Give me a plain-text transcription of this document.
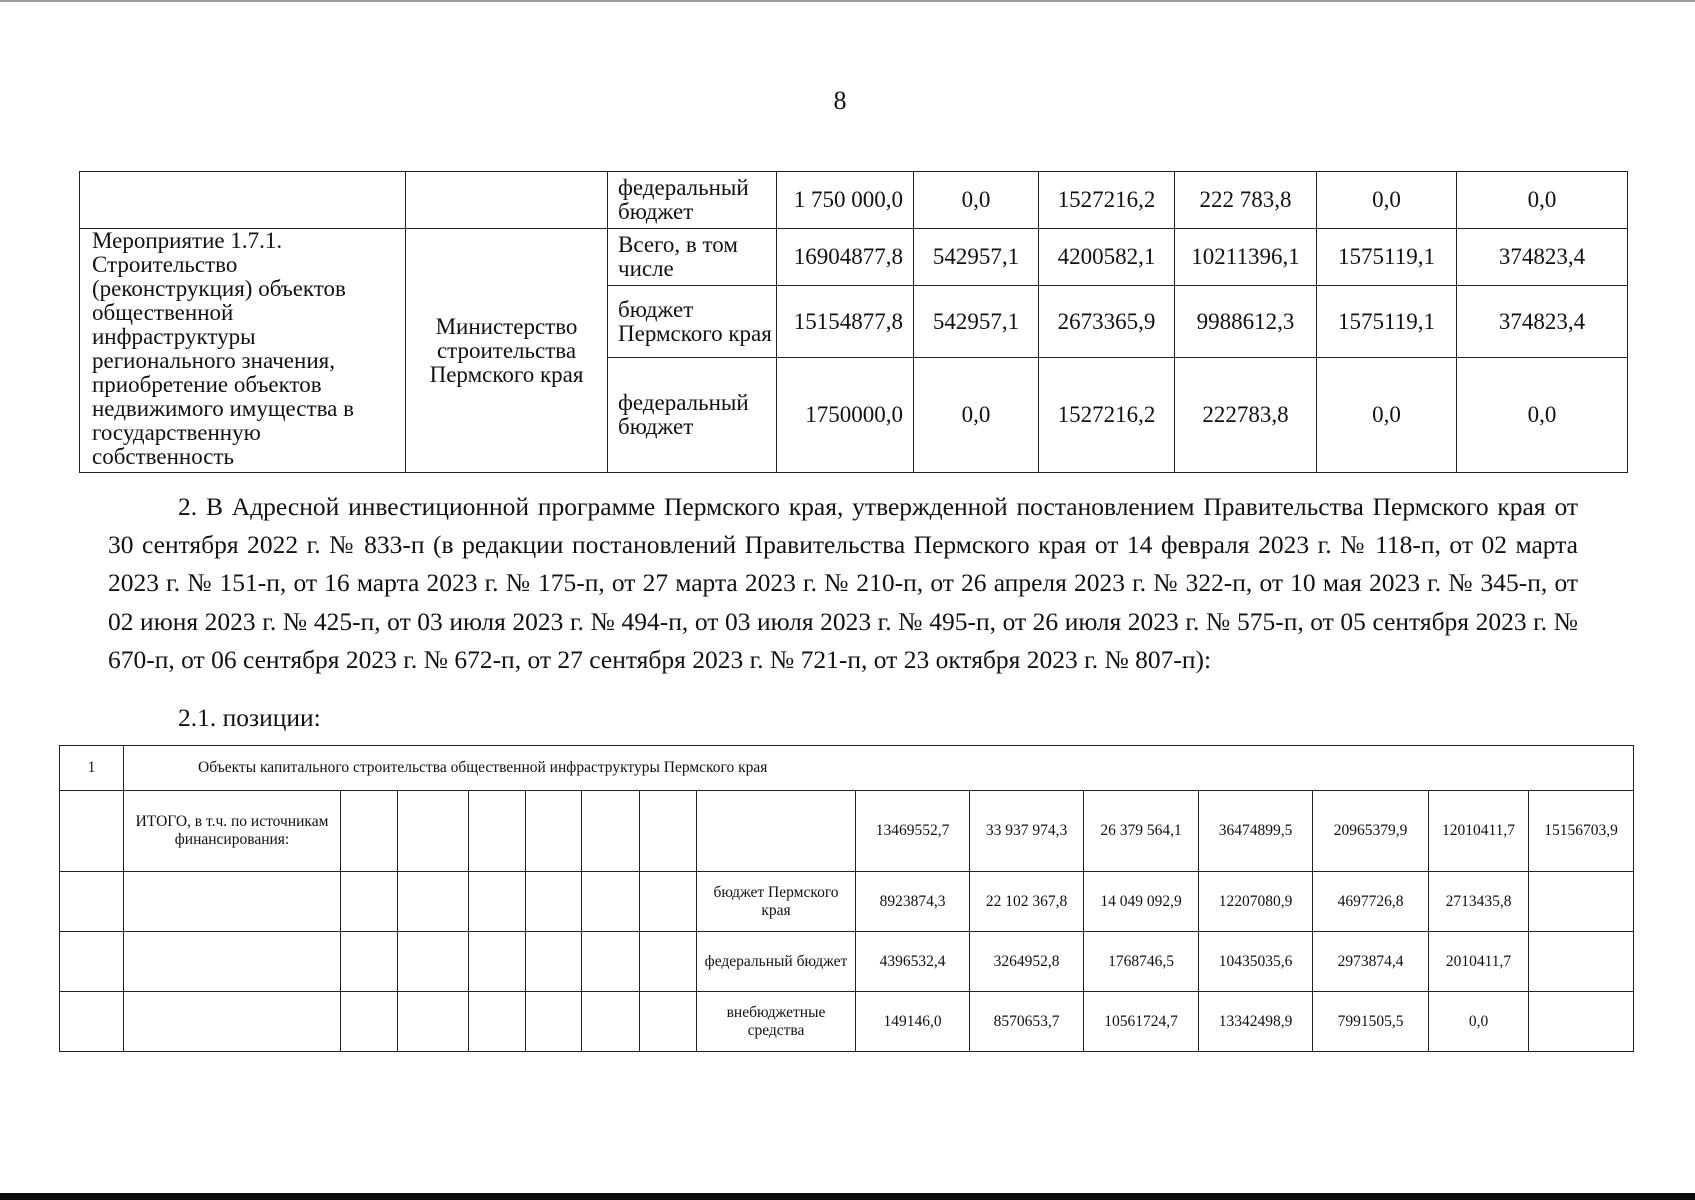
8
		федеральный бюджет	1 750 000,0	0,0	1527216,2	222 783,8	0,0	0,0
Мероприятие 1.7.1. Строительство (реконструкция) объектов общественной инфраструктуры регионального значения, приобретение объектов недвижимого имущества в государственную собственность	Министерство строительства Пермского края	Всего, в том числе	16904877,8	542957,1	4200582,1	10211396,1	1575119,1	374823,4
		бюджет Пермского края	15154877,8	542957,1	2673365,9	9988612,3	1575119,1	374823,4
		федеральный бюджет	1750000,0	0,0	1527216,2	222783,8	0,0	0,0
2. В Адресной инвестиционной программе Пермского края, утвержденной постановлением Правительства Пермского края от 30 сентября 2022 г. № 833-п (в редакции постановлений Правительства Пермского края от 14 февраля 2023 г. № 118-п, от 02 марта 2023 г. № 151-п, от 16 марта 2023 г. № 175-п, от 27 марта 2023 г. № 210-п, от 26 апреля 2023 г. № 322-п, от 10 мая 2023 г. № 345-п, от 02 июня 2023 г. № 425-п, от 03 июля 2023 г. № 494-п, от 03 июля 2023 г. № 495-п, от 26 июля 2023 г. № 575-п, от 05 сентября 2023 г. № 670-п, от 06 сентября 2023 г. № 672-п, от 27 сентября 2023 г. № 721-п, от 23 октября 2023 г. № 807-п):
2.1. позиции:
1	Объекты капитального строительства общественной инфраструктуры Пермского края														
	ИТОГО, в т.ч. по источникам финансирования:								13469552,7	33 937 974,3	26 379 564,1	36474899,5	20965379,9	12010411,7	15156703,9
								бюджет Пермского края	8923874,3	22 102 367,8	14 049 092,9	12207080,9	4697726,8	2713435,8	
								федеральный бюджет	4396532,4	3264952,8	1768746,5	10435035,6	2973874,4	2010411,7	
								внебюджетные средства	149146,0	8570653,7	10561724,7	13342498,9	7991505,5	0,0	
